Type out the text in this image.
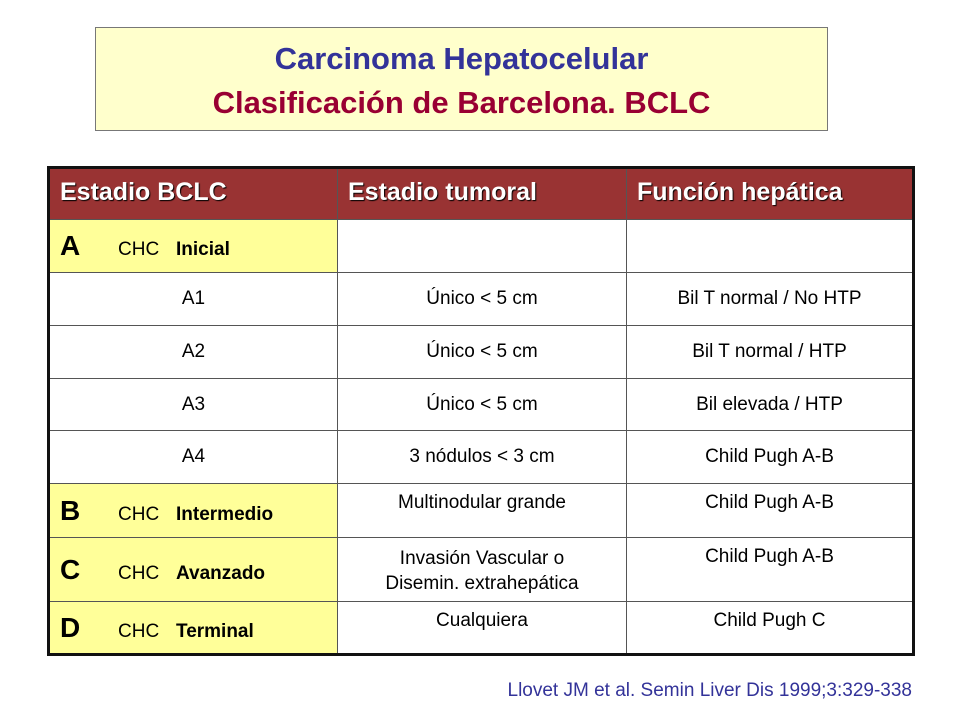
Carcinoma Hepatocelular
Clasificación de Barcelona. BCLC
Estadio BCLC	Estadio tumoral	Función hepática
A CHC Inicial		
A1	Único < 5 cm	Bil T normal / No HTP
A2	Único < 5 cm	Bil T normal / HTP
A3	Único < 5 cm	Bil elevada / HTP
A4	3 nódulos < 3 cm	Child Pugh A-B
B CHC Intermedio	Multinodular grande	Child Pugh A-B
C CHC Avanzado	Invasión Vascular o
Disemin. extrahepática	Child Pugh A-B
D CHC Terminal	Cualquiera	Child Pugh C
Llovet JM et al. Semin Liver Dis 1999;3:329-338
